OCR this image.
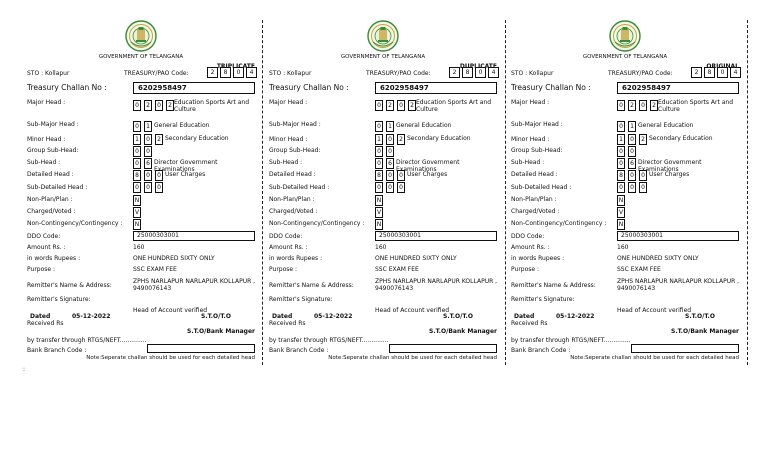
:
GOVERNMENT OF TELANGANA
TRIPLICATE
STO : Kollapur	TREASURY/PAO Code:	2	8	0	4
Treasury Challan No :	6202958497
Major Head :	0	2	0	2 Education Sports Art and Culture
Sub-Major Head :	0	1 General Education
Minor Head :	1	0	2 Secondary Education
Group Sub-Head:	0	0
Sub-Head :	0	6 Director Government Examinations
Detailed Head :	8	0	0 User Charges
Sub-Detailed Head :	0	0	0
Non-Plan/Plan :	N
Charged/Voted :	V
Non-Contingency/Contingency : N
DDO Code:	25000303001
Amount Rs. :	160
in words Rupees :	ONE HUNDRED SIXTY ONLY
Purpose :	SSC EXAM FEE
Remitter's Name & Address:
ZPHS NARLAPUR NARLAPUR KOLLAPUR ,
9490076143
Remitter's Signature:
Head of Account verified
Dated	05-12-2022	S.T.O/T.O
Received Rs
S.T.O/Bank Manager
by transfer through RTGS/NEFT..............
Bank Branch Code :
Note:Seperate challan should be used for each detailed head
GOVERNMENT OF TELANGANA
DUPLICATE
STO : Kollapur	TREASURY/PAO Code:	2	8	0	4
Treasury Challan No :	6202958497
Major Head :	0	2	0	2 Education Sports Art and Culture
Sub-Major Head :	0	1 General Education
Minor Head :	1	0	2 Secondary Education
Group Sub-Head:	0	0
Sub-Head :	0	6 Director Government Examinations
Detailed Head :	8	0	0 User Charges
Sub-Detailed Head :	0	0	0
Non-Plan/Plan :	N
Charged/Voted :	V
Non-Contingency/Contingency : N
DDO Code:	25000303001
Amount Rs. :	160
in words Rupees :	ONE HUNDRED SIXTY ONLY
Purpose :	SSC EXAM FEE
Remitter's Name & Address:
ZPHS NARLAPUR NARLAPUR KOLLAPUR ,
9490076143
Remitter's Signature:
Head of Account verified
Dated	05-12-2022	S.T.O/T.O
Received Rs
S.T.O/Bank Manager
by transfer through RTGS/NEFT..............
Bank Branch Code :
Note:Seperate challan should be used for each detailed head
GOVERNMENT OF TELANGANA
ORIGINAL
STO : Kollapur	TREASURY/PAO Code:	2	8	0	4
Treasury Challan No :	6202958497
Major Head :	0	2	0	2 Education Sports Art and Culture
Sub-Major Head :	0	1 General Education
Minor Head :	1	0	2 Secondary Education
Group Sub-Head:	0	0
Sub-Head :	0	6 Director Government Examinations
Detailed Head :	8	0	0 User Charges
Sub-Detailed Head :	0	0	0
Non-Plan/Plan :	N
Charged/Voted :	V
Non-Contingency/Contingency : N
DDO Code:	25000303001
Amount Rs. :	160
in words Rupees :	ONE HUNDRED SIXTY ONLY
Purpose :	SSC EXAM FEE
Remitter's Name & Address:
ZPHS NARLAPUR NARLAPUR KOLLAPUR ,
9490076143
Remitter's Signature:
Head of Account verified
Dated	05-12-2022	S.T.O/T.O
Received Rs
S.T.O/Bank Manager
by transfer through RTGS/NEFT..............
Bank Branch Code :
Note:Seperate challan should be used for each detailed head
